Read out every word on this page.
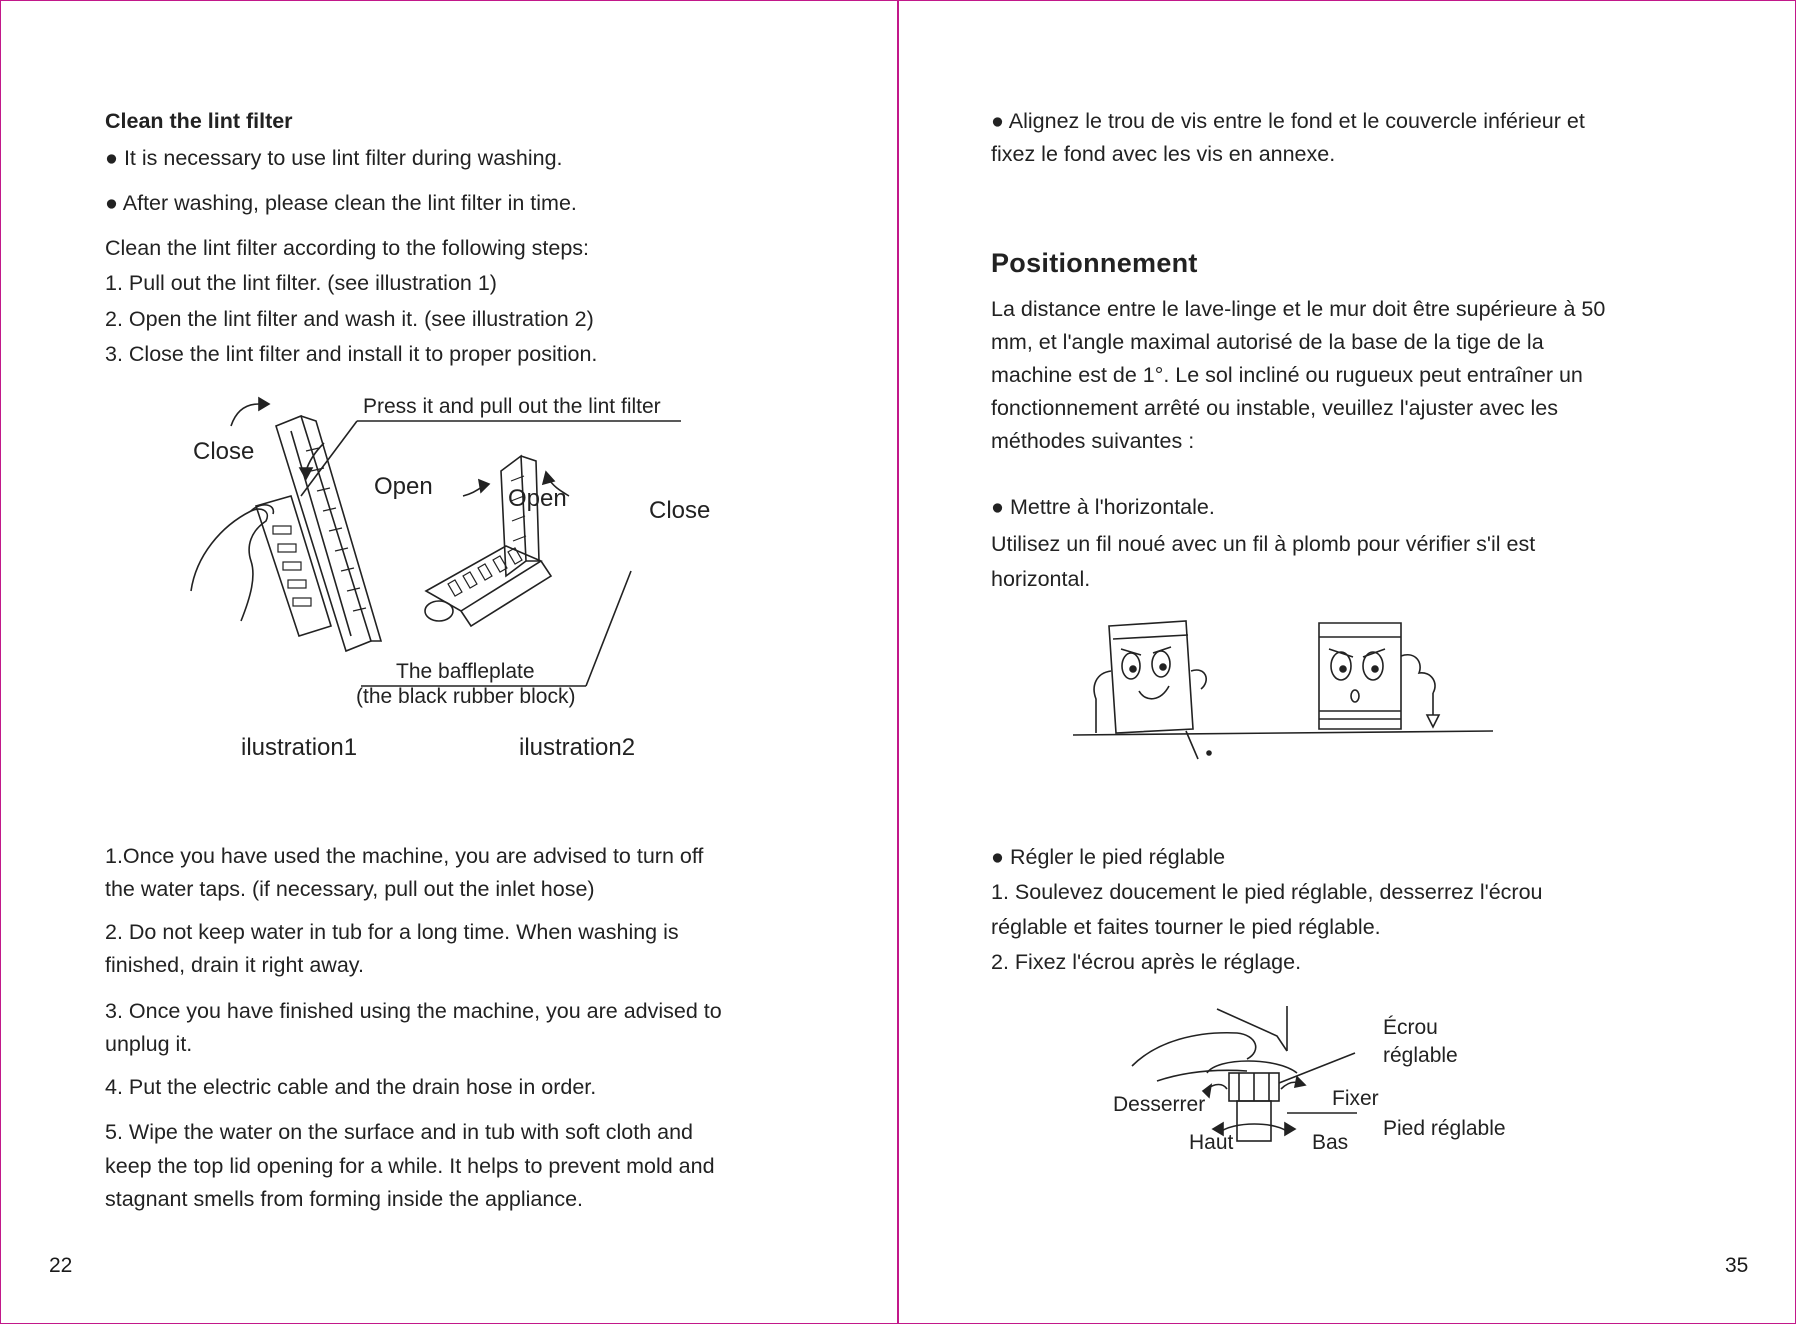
Clean the lint filter
● It is necessary to use lint filter during washing.
● After washing, please clean the lint filter in time.
Clean the lint filter according to the following steps:
1. Pull out the lint filter. (see illustration 1)
2. Open the lint filter and wash it. (see illustration 2)
3. Close the lint filter and install it to proper position.
Press it and pull out the lint filter
Close
Open	Open	Close
The baffleplate
(the black rubber block)
ilustration1	ilustration2
1.Once you have used the machine, you are advised to turn off
the water taps. (if necessary, pull out the inlet hose)
2. Do not keep water in tub for a long time. When washing is
finished, drain it right away.
3. Once you have finished using the machine, you are advised to
unplug it.
4. Put the electric cable and the drain hose in order.
5. Wipe the water on the surface and in tub with soft cloth and
keep the top lid opening for a while. It helps to prevent mold and
stagnant smells from forming inside the appliance.
22
● Alignez le trou de vis entre le fond et le couvercle inférieur et
fixez le fond avec les vis en annexe.
Positionnement
La distance entre le lave-linge et le mur doit être supérieure à 50
mm, et l'angle maximal autorisé de la base de la tige de la
machine est de 1°. Le sol incliné ou rugueux peut entraîner un
fonctionnement arrêté ou instable, veuillez l'ajuster avec les
méthodes suivantes :
● Mettre à l'horizontale.
Utilisez un fil noué avec un fil à plomb pour vérifier s'il est
horizontal.
● Régler le pied réglable
1. Soulevez doucement le pied réglable, desserrez l'écrou
réglable et faites tourner le pied réglable.
2. Fixez l'écrou après le réglage.
Écrou
réglable
Desserrer	Fixer
Pied réglable
Haut	Bas
35
